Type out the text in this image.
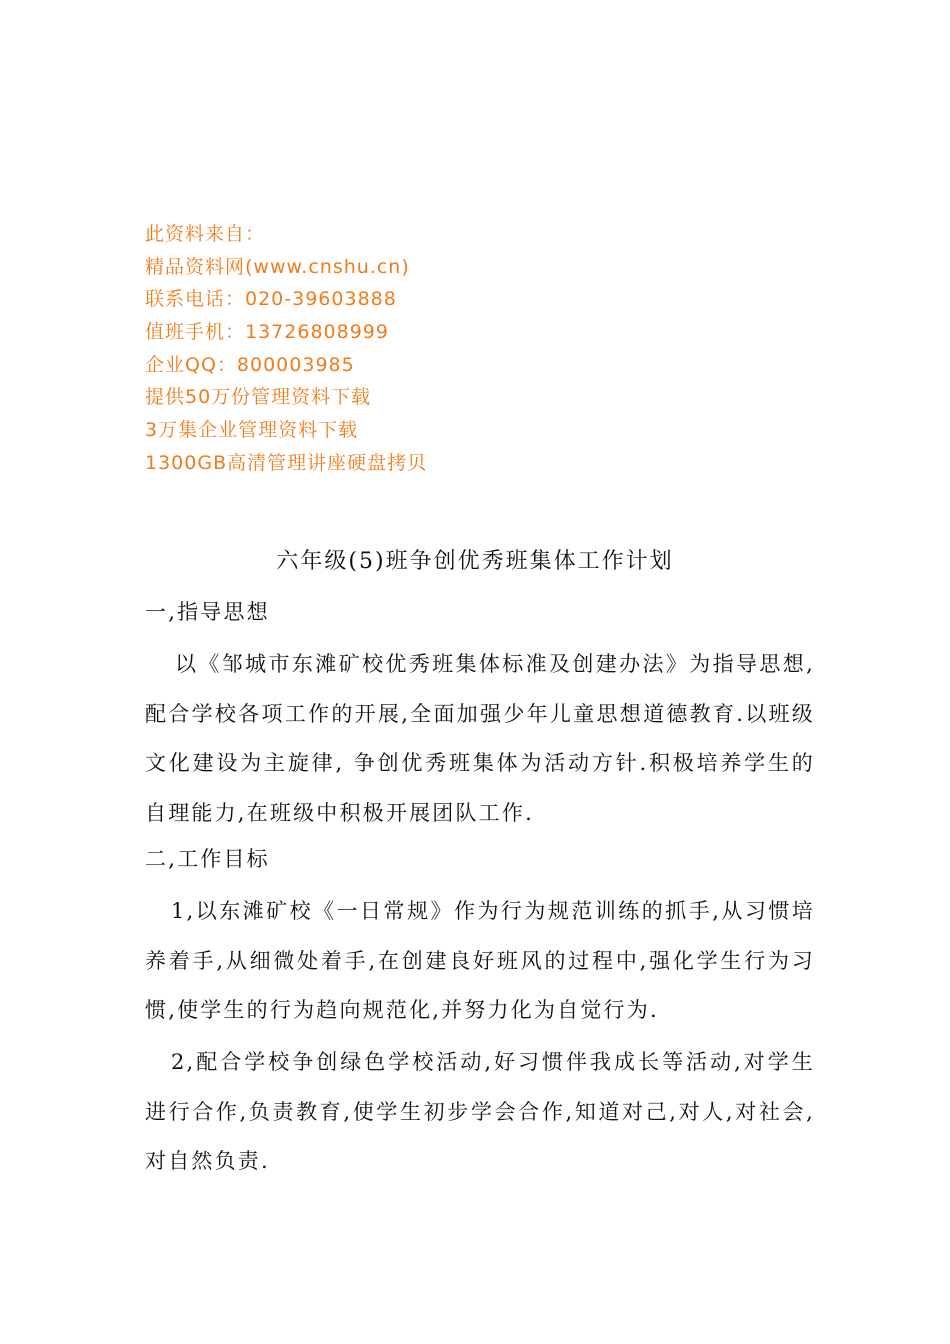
此资料来自：
精品资料网(www.cnshu.cn)
联系电话：020-39603888
值班手机：13726808999
企业QQ：800003985
提供50万份管理资料下载
3万集企业管理资料下载
1300GB高清管理讲座硬盘拷贝
六年级(5)班争创优秀班集体工作计划
一,指导思想
以《邹城市东滩矿校优秀班集体标准及创建办法》为指导思想,配合学校各项工作的开展,全面加强少年儿童思想道德教育.以班级文化建设为主旋律, 争创优秀班集体为活动方针.积极培养学生的自理能力,在班级中积极开展团队工作.
二,工作目标
1,以东滩矿校《一日常规》作为行为规范训练的抓手,从习惯培养着手,从细微处着手,在创建良好班风的过程中,强化学生行为习惯,使学生的行为趋向规范化,并努力化为自觉行为.
2,配合学校争创绿色学校活动,好习惯伴我成长等活动,对学生进行合作,负责教育,使学生初步学会合作,知道对己,对人,对社会,对自然负责.
